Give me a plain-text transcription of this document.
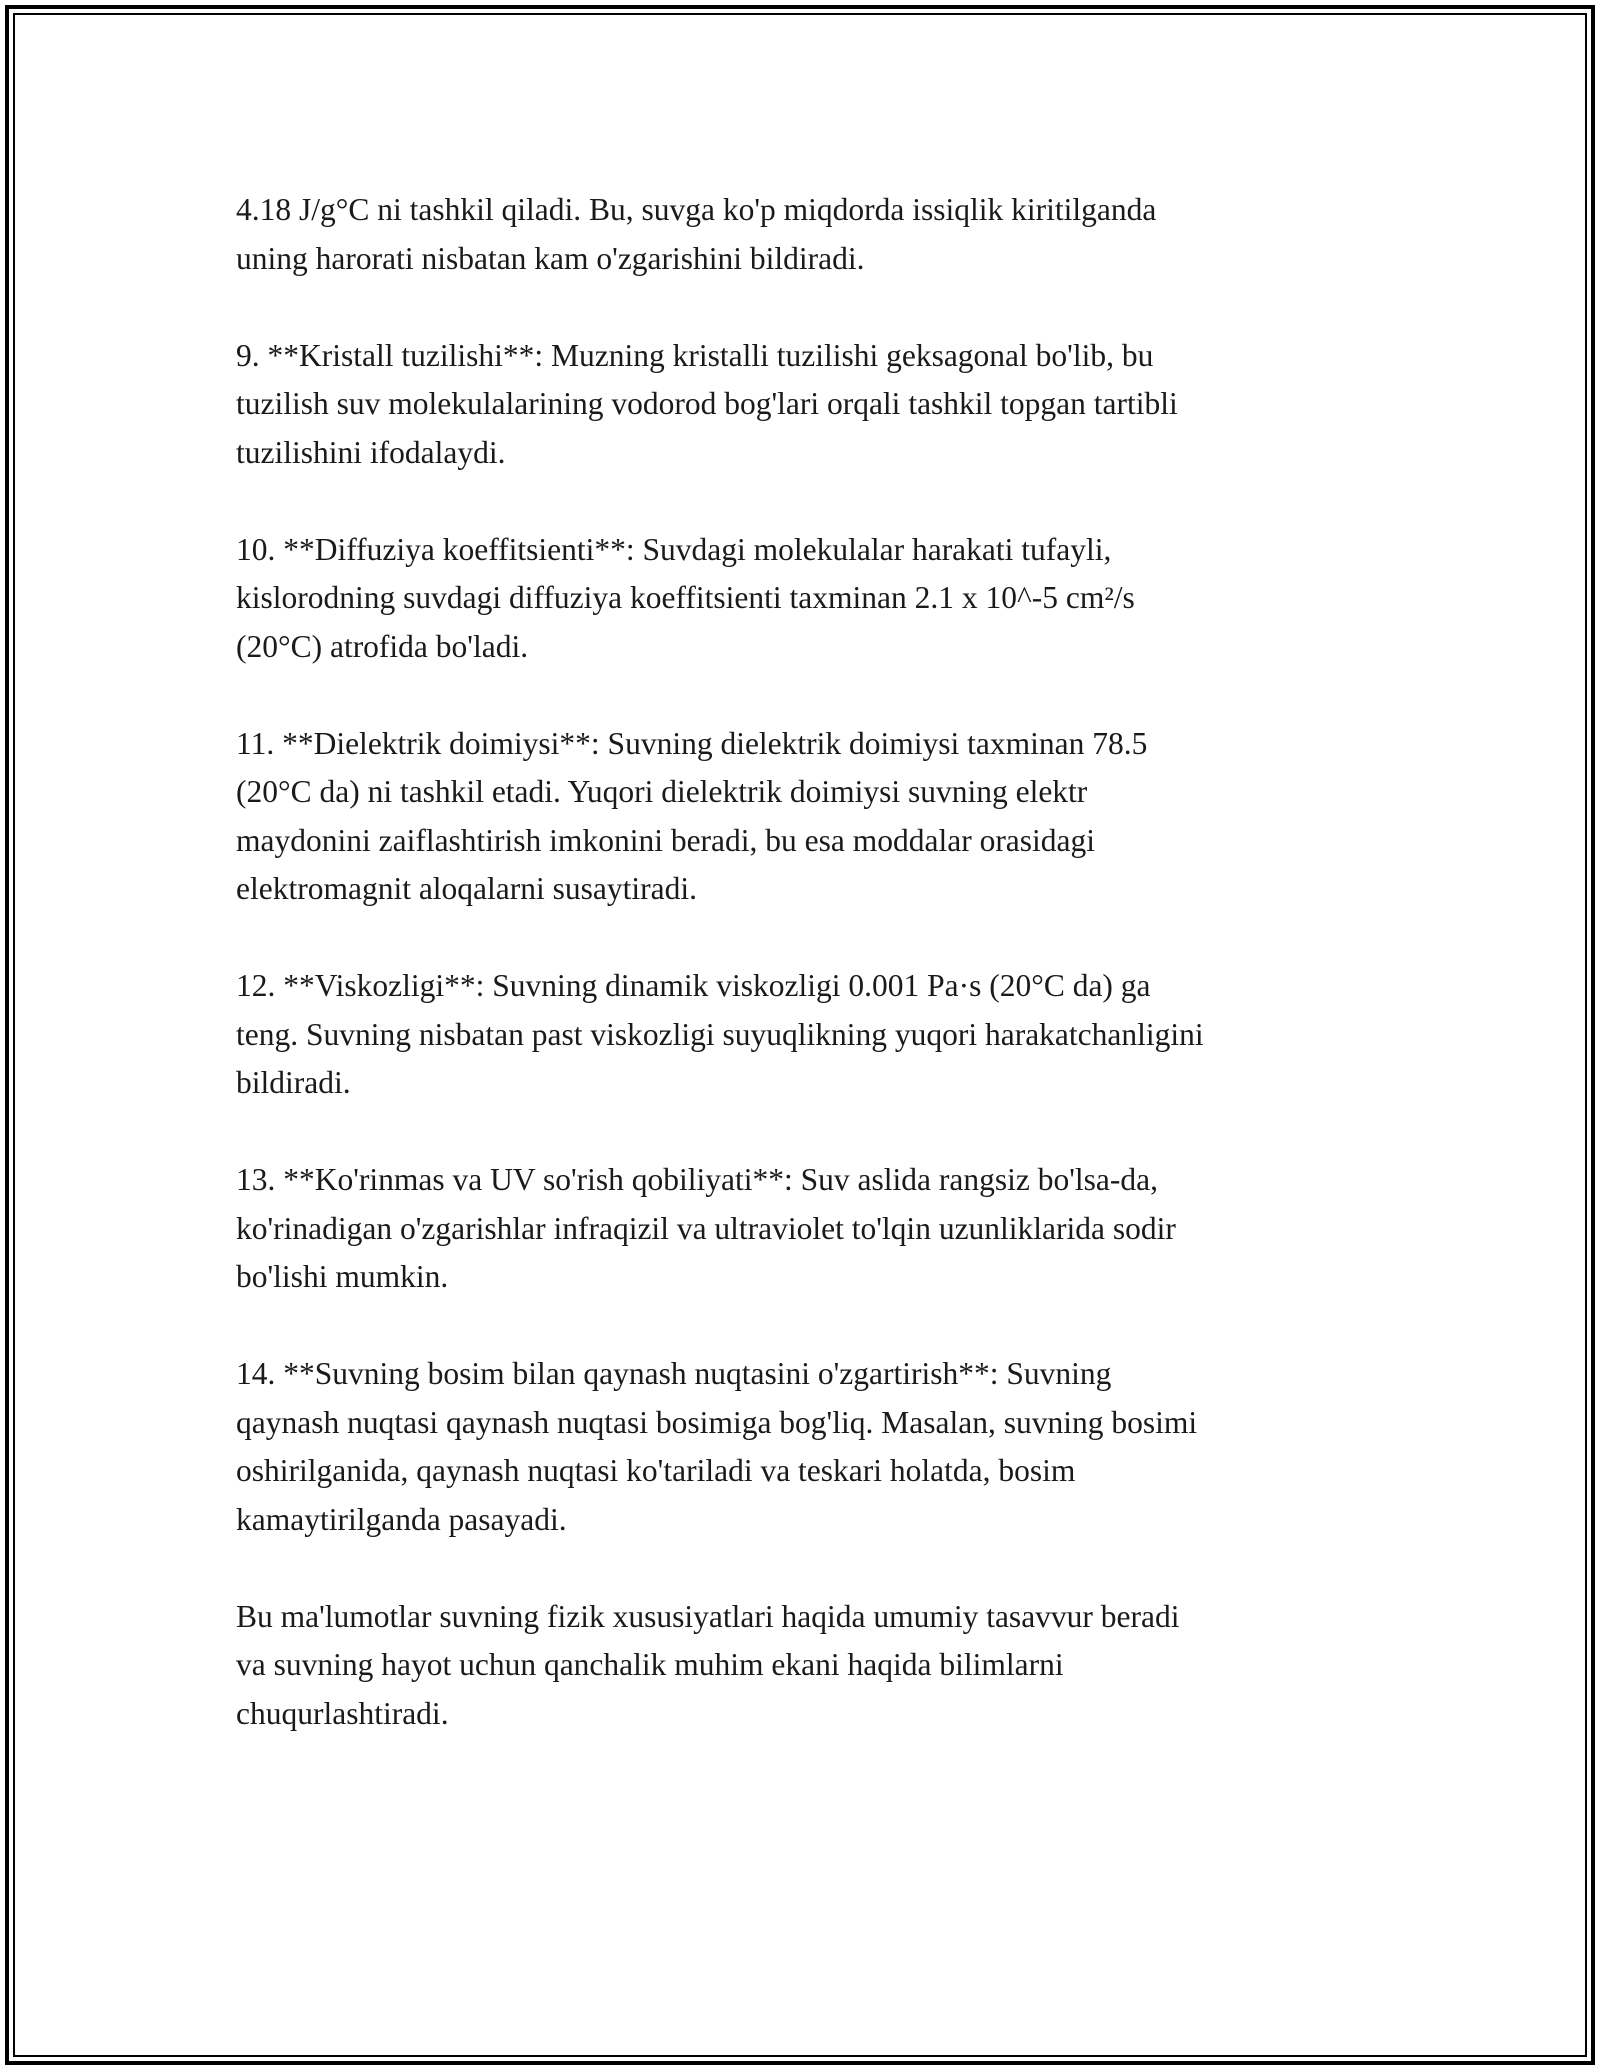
4.18 J/g°C ni tashkil qiladi. Bu, suvga ko'p miqdorda issiqlik kiritilganda
uning harorati nisbatan kam o'zgarishini bildiradi.

9. **Kristall tuzilishi**: Muzning kristalli tuzilishi geksagonal bo'lib, bu
tuzilish suv molekulalarining vodorod bog'lari orqali tashkil topgan tartibli
tuzilishini ifodalaydi.

10. **Diffuziya koeffitsienti**: Suvdagi molekulalar harakati tufayli,
kislorodning suvdagi diffuziya koeffitsienti taxminan 2.1 x 10^-5 cm²/s
(20°C) atrofida bo'ladi.

11. **Dielektrik doimiysi**: Suvning dielektrik doimiysi taxminan 78.5
(20°C da) ni tashkil etadi. Yuqori dielektrik doimiysi suvning elektr
maydonini zaiflashtirish imkonini beradi, bu esa moddalar orasidagi
elektromagnit aloqalarni susaytiradi.

12. **Viskozligi**: Suvning dinamik viskozligi 0.001 Pa·s (20°C da) ga
teng. Suvning nisbatan past viskozligi suyuqlikning yuqori harakatchanligini
bildiradi.

13. **Ko'rinmas va UV so'rish qobiliyati**: Suv aslida rangsiz bo'lsa-da,
ko'rinadigan o'zgarishlar infraqizil va ultraviolet to'lqin uzunliklarida sodir
bo'lishi mumkin.

14. **Suvning bosim bilan qaynash nuqtasini o'zgartirish**: Suvning
qaynash nuqtasi qaynash nuqtasi bosimiga bog'liq. Masalan, suvning bosimi
oshirilganida, qaynash nuqtasi ko'tariladi va teskari holatda, bosim
kamaytirilganda pasayadi.

Bu ma'lumotlar suvning fizik xususiyatlari haqida umumiy tasavvur beradi
va suvning hayot uchun qanchalik muhim ekani haqida bilimlarni
chuqurlashtiradi.
